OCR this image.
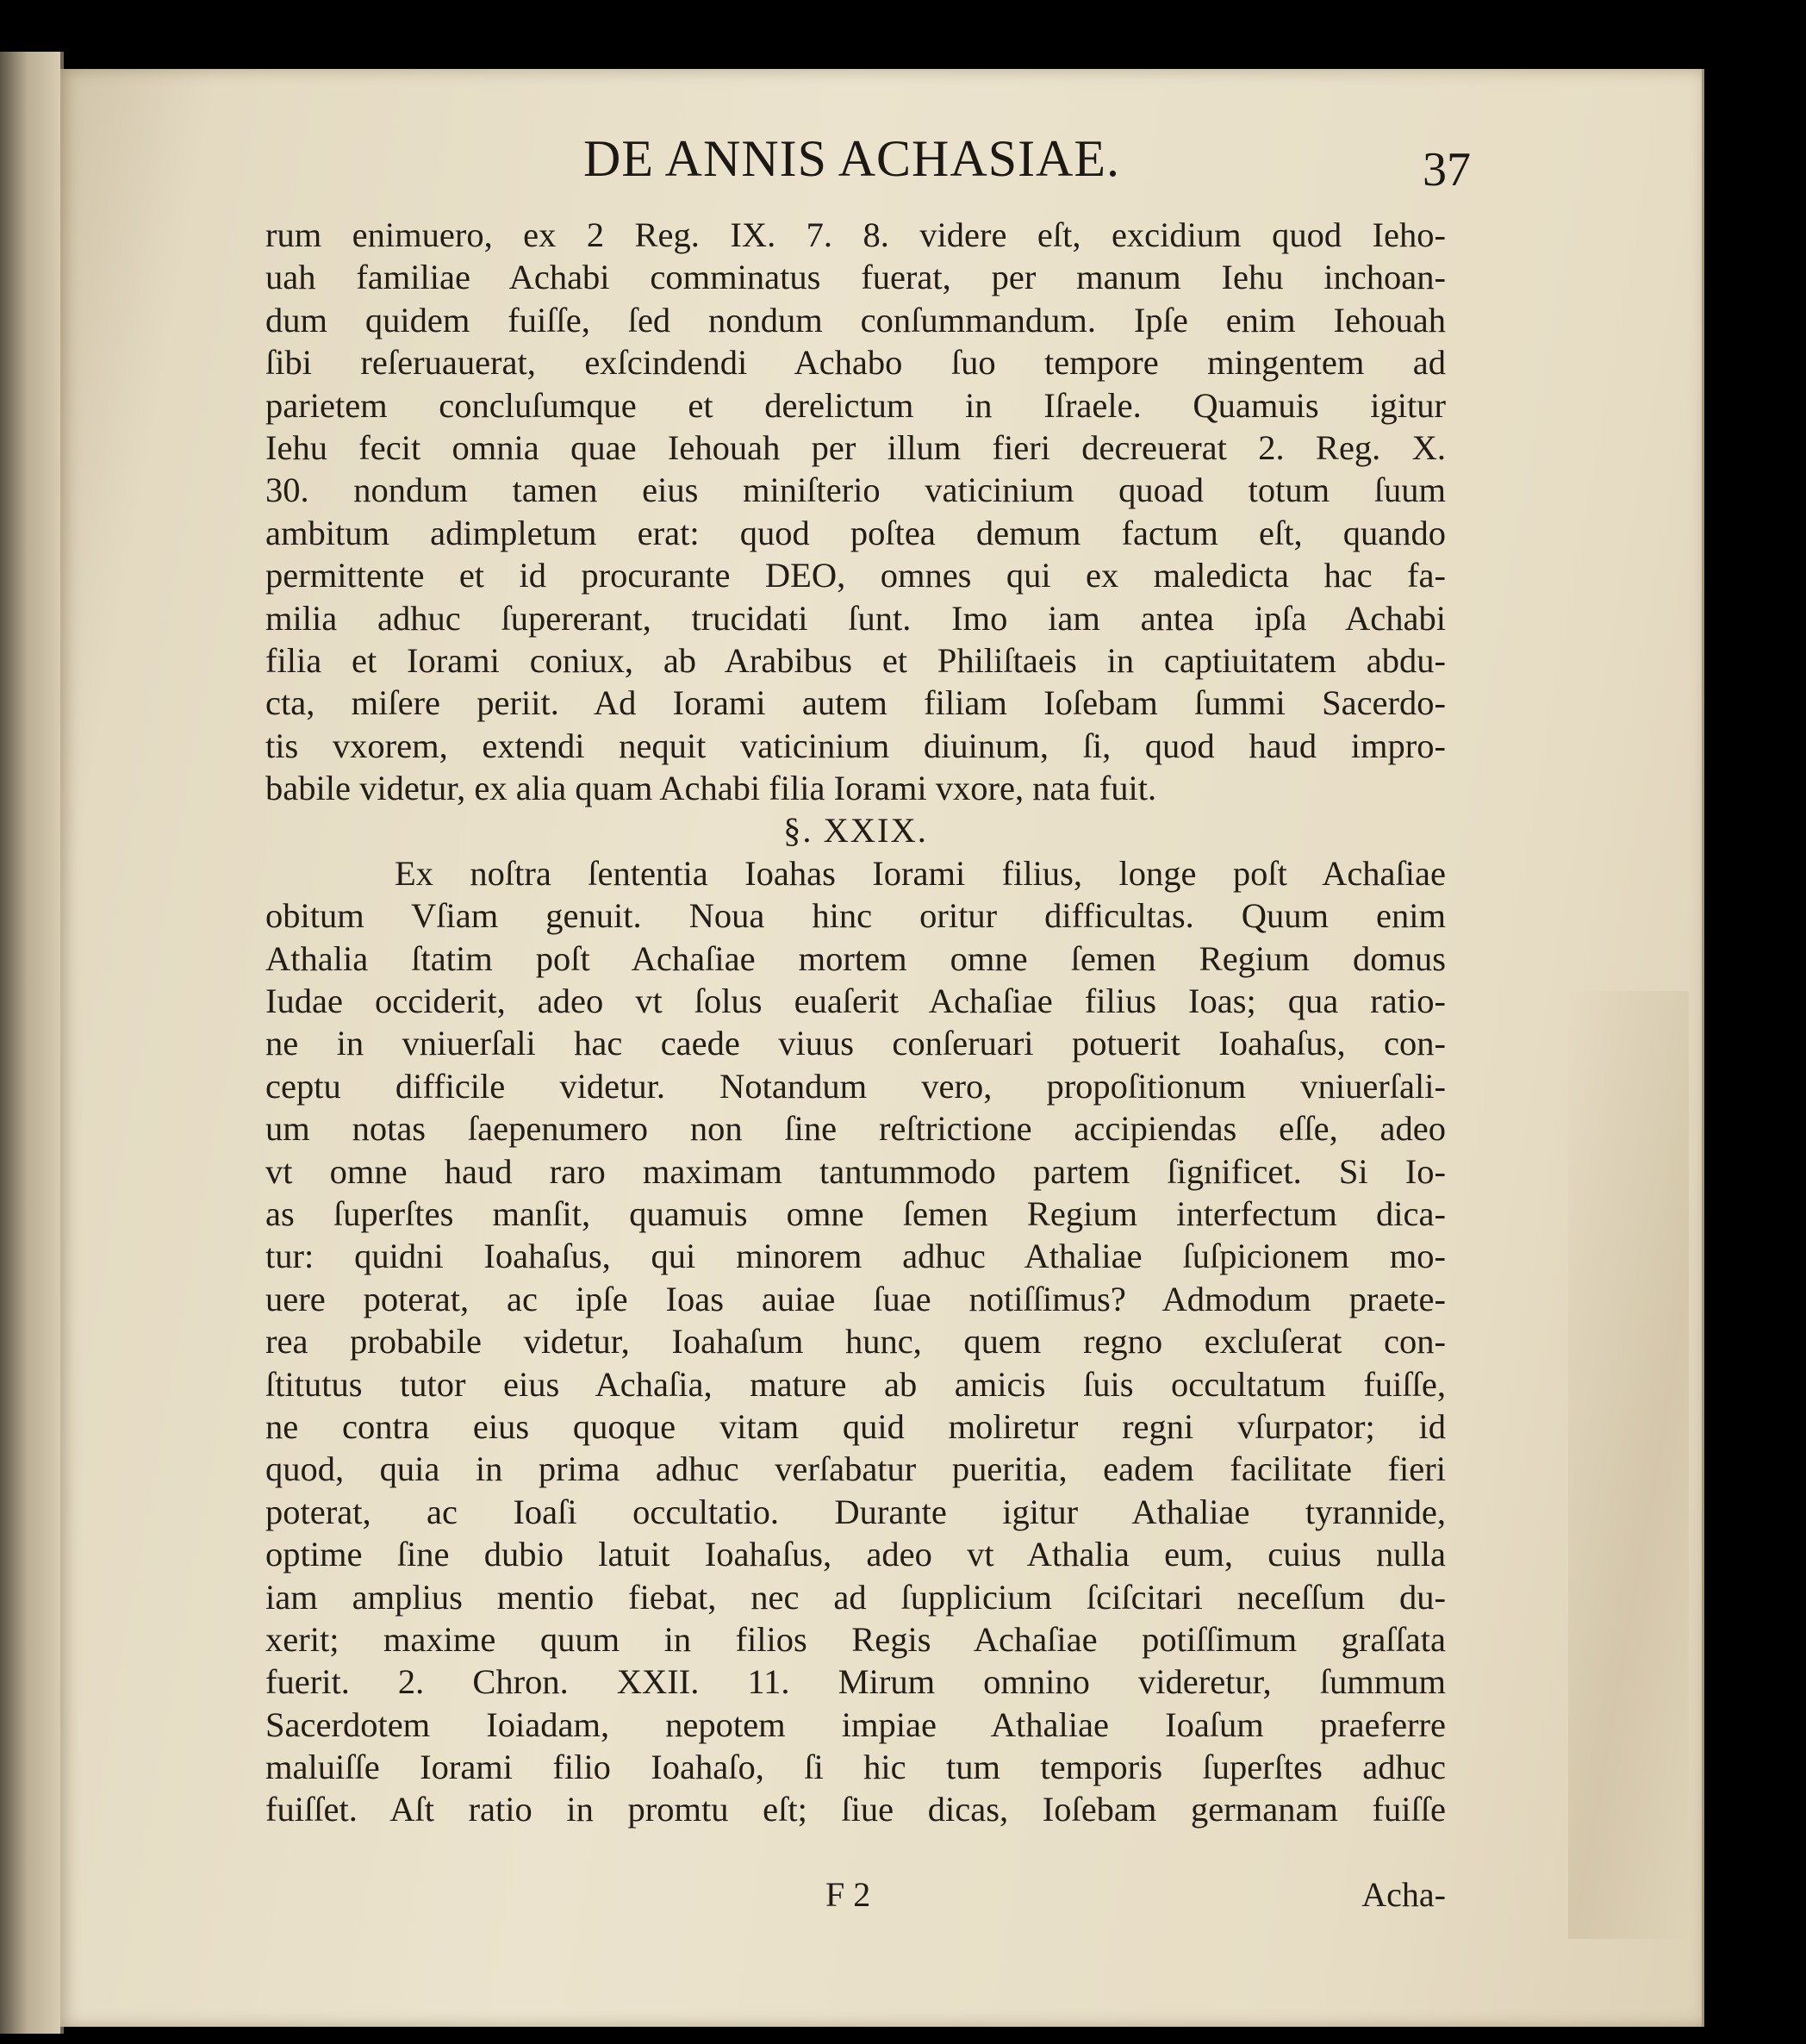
DE ANNIS ACHASIAE.	37
rum enimuero, ex 2 Reg. IX. 7. 8. videre eſt, excidium quod Ieho-
uah familiae Achabi comminatus fuerat, per manum Iehu inchoan-
dum quidem fuiſſe, ſed nondum conſummandum. Ipſe enim Iehouah
ſibi reſeruauerat, exſcindendi Achabo ſuo tempore mingentem ad
parietem concluſumque et derelictum in Iſraele. Quamuis igitur
Iehu fecit omnia quae Iehouah per illum fieri decreuerat 2. Reg. X.
30. nondum tamen eius miniſterio vaticinium quoad totum ſuum
ambitum adimpletum erat: quod poſtea demum factum eſt, quando
permittente et id procurante DEO, omnes qui ex maledicta hac fa-
milia adhuc ſupererant, trucidati ſunt. Imo iam antea ipſa Achabi
filia et Iorami coniux, ab Arabibus et Philiſtaeis in captiuitatem abdu-
cta, miſere periit. Ad Iorami autem filiam Ioſebam ſummi Sacerdo-
tis vxorem, extendi nequit vaticinium diuinum, ſi, quod haud impro-
babile videtur, ex alia quam Achabi filia Iorami vxore, nata fuit.
§. XXIX.
Ex noſtra ſententia Ioahas Iorami filius, longe poſt Achaſiae
obitum Vſiam genuit. Noua hinc oritur difficultas. Quum enim
Athalia ſtatim poſt Achaſiae mortem omne ſemen Regium domus
Iudae occiderit, adeo vt ſolus euaſerit Achaſiae filius Ioas; qua ratio-
ne in vniuerſali hac caede viuus conſeruari potuerit Ioahaſus, con-
ceptu difficile videtur. Notandum vero, propoſitionum vniuerſali-
um notas ſaepenumero non ſine reſtrictione accipiendas eſſe, adeo
vt omne haud raro maximam tantummodo partem ſignificet. Si Io-
as ſuperſtes manſit, quamuis omne ſemen Regium interfectum dica-
tur: quidni Ioahaſus, qui minorem adhuc Athaliae ſuſpicionem mo-
uere poterat, ac ipſe Ioas auiae ſuae notiſſimus? Admodum praete-
rea probabile videtur, Ioahaſum hunc, quem regno excluſerat con-
ſtitutus tutor eius Achaſia, mature ab amicis ſuis occultatum fuiſſe,
ne contra eius quoque vitam quid moliretur regni vſurpator; id
quod, quia in prima adhuc verſabatur pueritia, eadem facilitate fieri
poterat, ac Ioaſi occultatio. Durante igitur Athaliae tyrannide,
optime ſine dubio latuit Ioahaſus, adeo vt Athalia eum, cuius nulla
iam amplius mentio fiebat, nec ad ſupplicium ſciſcitari neceſſum du-
xerit; maxime quum in filios Regis Achaſiae potiſſimum graſſata
fuerit. 2. Chron. XXII. 11. Mirum omnino videretur, ſummum
Sacerdotem Ioiadam, nepotem impiae Athaliae Ioaſum praeferre
maluiſſe Iorami filio Ioahaſo, ſi hic tum temporis ſuperſtes adhuc
fuiſſet. Aſt ratio in promtu eſt; ſiue dicas, Ioſebam germanam fuiſſe
F 2	Acha-
